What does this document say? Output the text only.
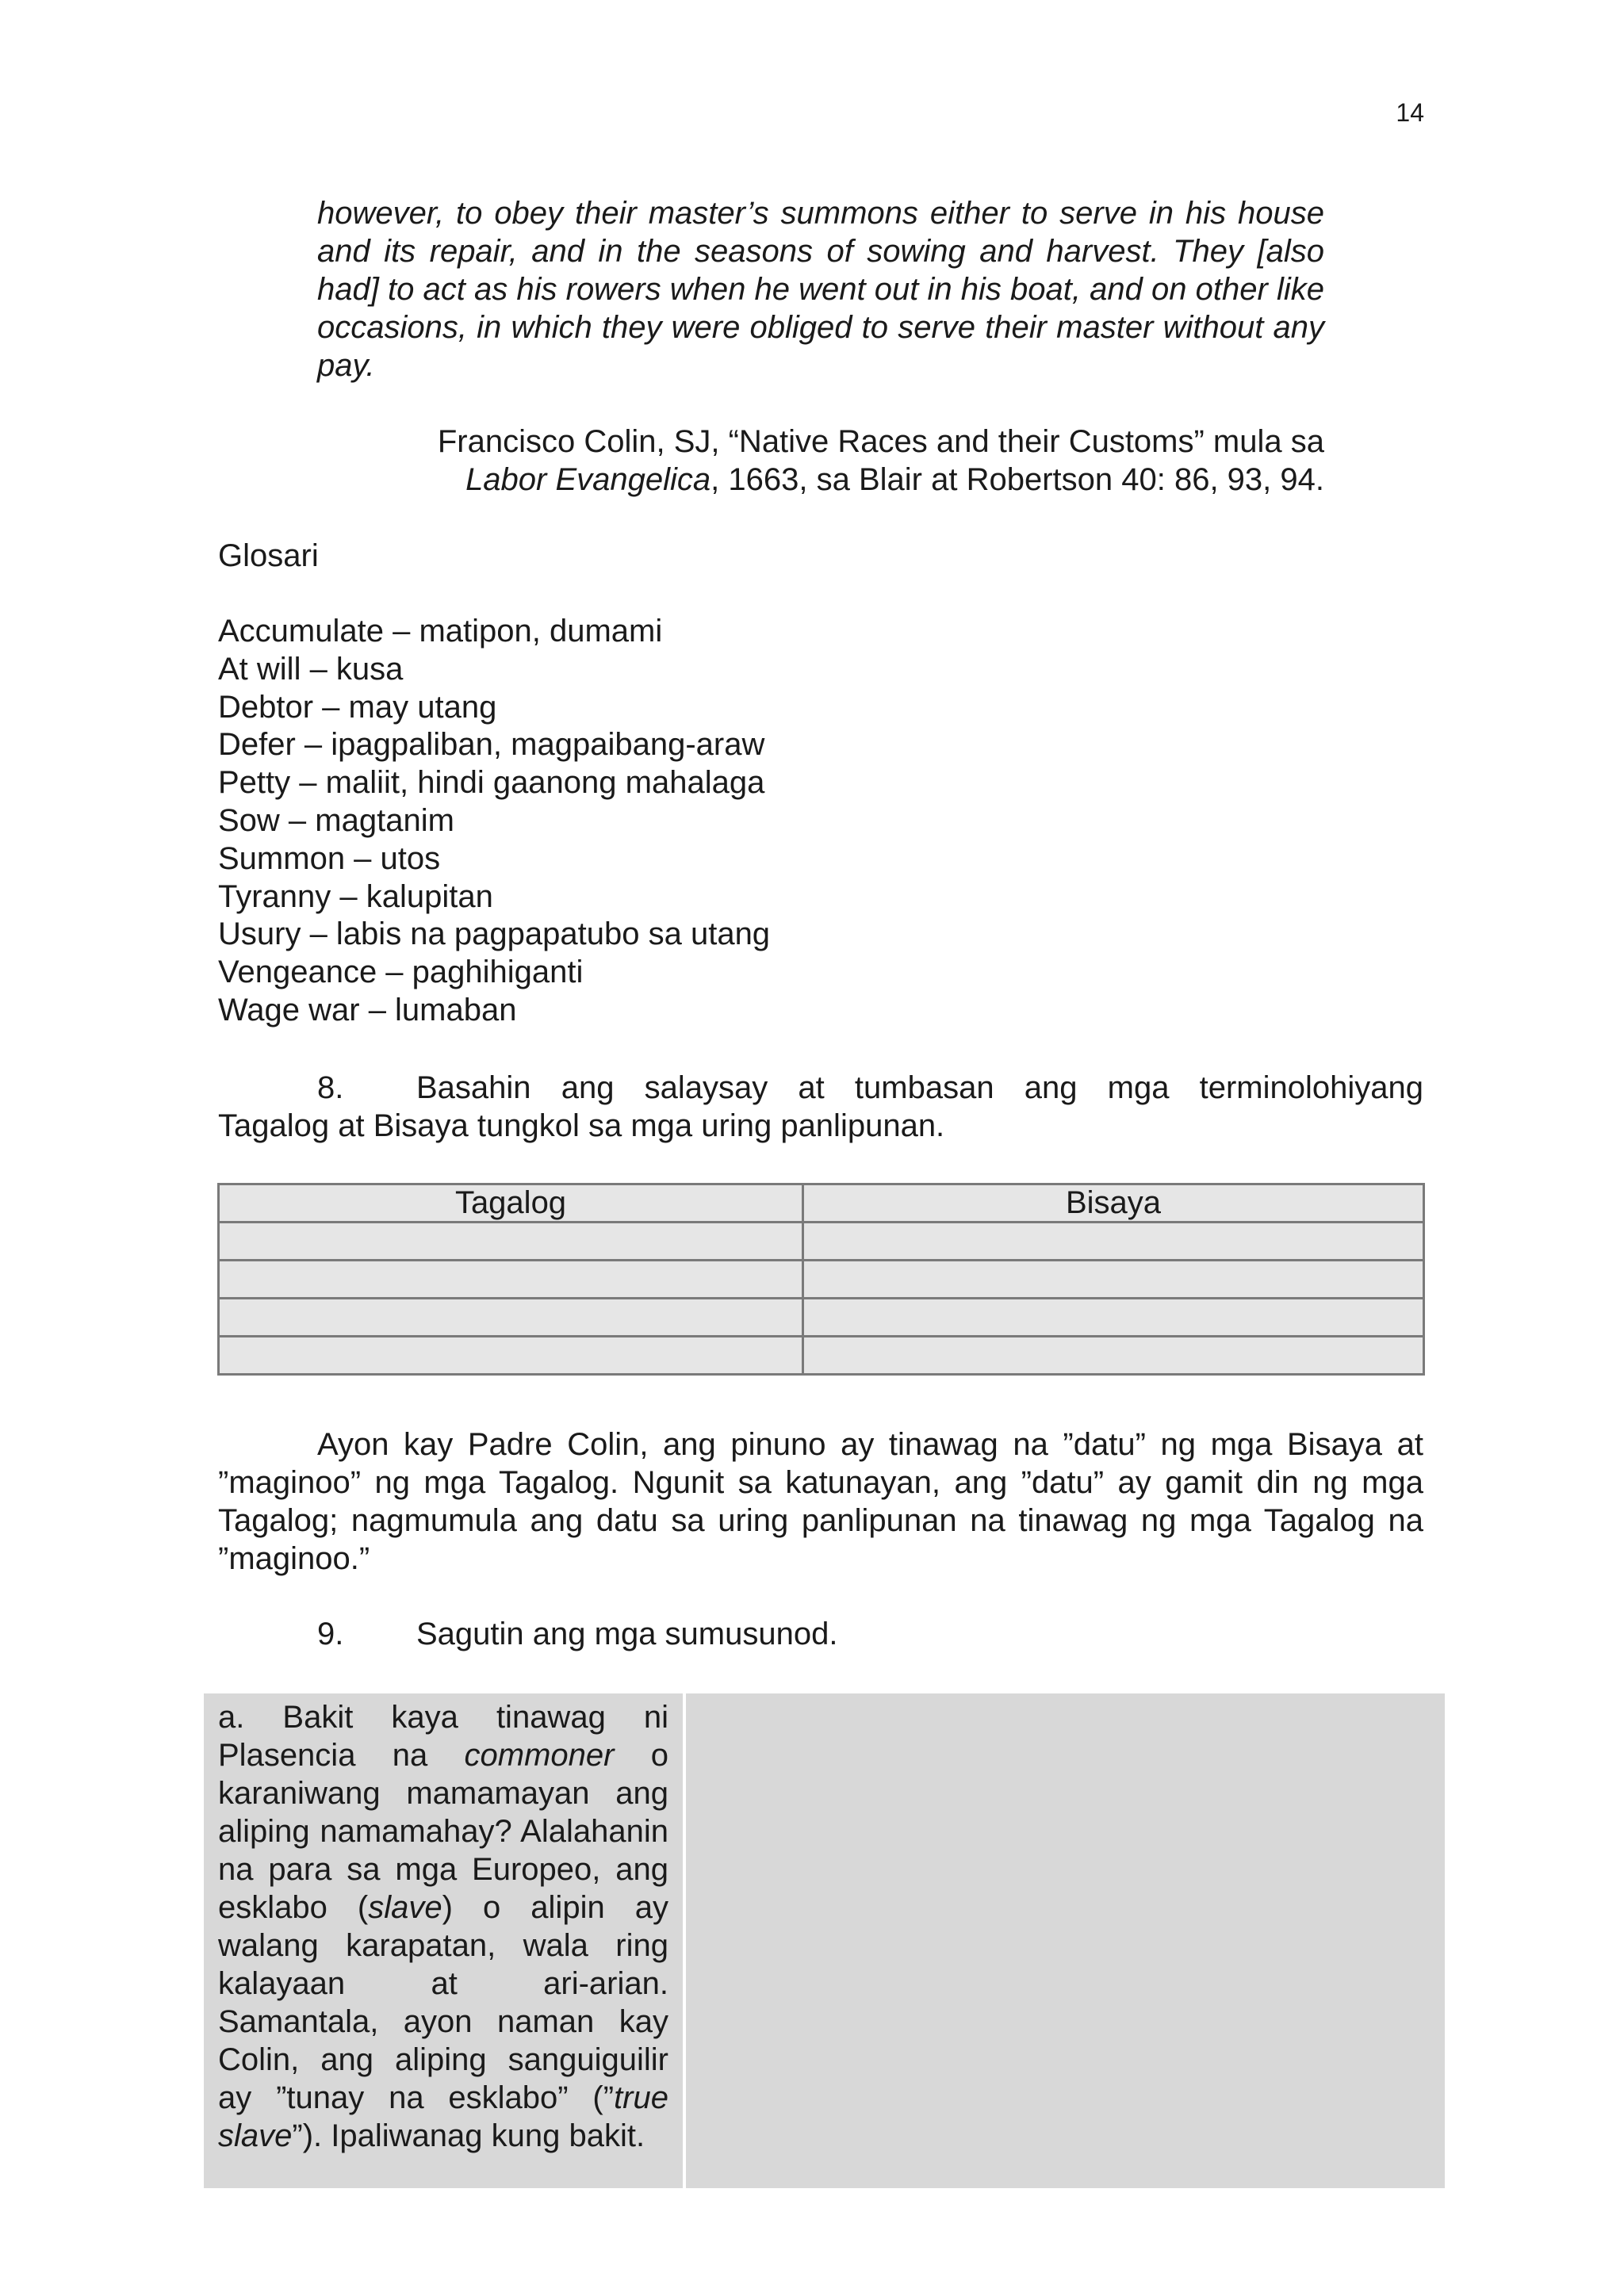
14
however, to obey their master’s summons either to serve in his house and its repair, and in the seasons of sowing and harvest. They [also had] to act as his rowers when he went out in his boat, and on other like occasions, in which they were obliged to serve their master without any pay.
Francisco Colin, SJ, “Native Races and their Customs” mula sa
Labor Evangelica, 1663, sa Blair at Robertson 40: 86, 93, 94.
Glosari
Accumulate – matipon, dumami
At will – kusa
Debtor – may utang
Defer – ipagpaliban, magpaibang-araw
Petty – maliit, hindi gaanong mahalaga
Sow – magtanim
Summon – utos
Tyranny – kalupitan
Usury – labis na pagpapatubo sa utang
Vengeance – paghihiganti
Wage war – lumaban
8. Basahin ang salaysay at tumbasan ang mga terminolohiyang
Tagalog at Bisaya tungkol sa mga uring panlipunan.
Tagalog	Bisaya

Ayon kay Padre Colin, ang pinuno ay tinawag na ”datu” ng mga Bisaya at ”maginoo” ng mga Tagalog. Ngunit sa katunayan, ang ”datu” ay gamit din ng mga Tagalog; nagmumula ang datu sa uring panlipunan na tinawag ng mga Tagalog na ”maginoo.”
9. Sagutin ang mga sumusunod.
a. Bakit kaya tinawag ni Plasencia na commoner o karaniwang mamamayan ang aliping namamahay? Alalahanin na para sa mga Europeo, ang esklabo (slave) o alipin ay walang karapatan, wala ring kalayaan at ari-arian. Samantala, ayon naman kay Colin, ang aliping sanguiguilir ay ”tunay na esklabo” (”true slave”). Ipaliwanag kung bakit.
